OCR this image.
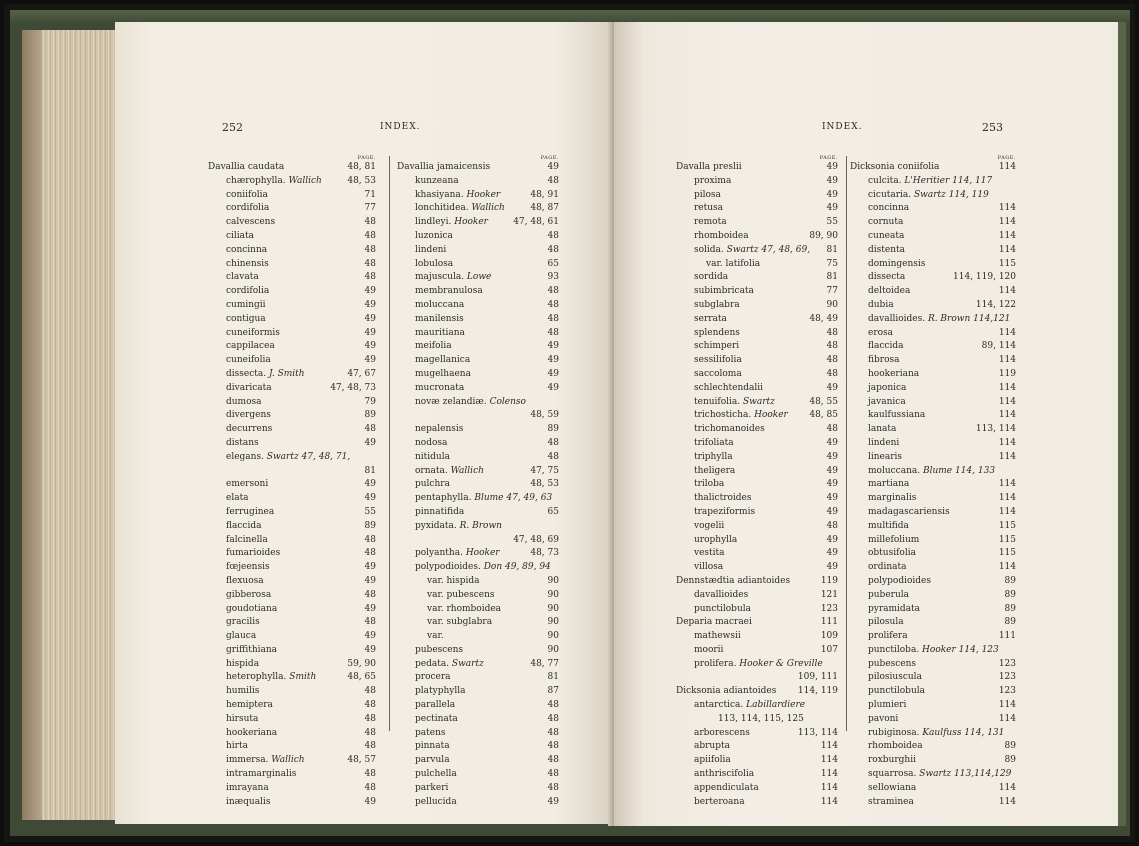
252	INDEX.
PAGE.
Davallia caudata	48, 81
chærophylla. Wallich	48, 53
coniifolia	71
cordifolia	77
calvescens	48
ciliata	48
concinna	48
chinensis	48
clavata	48
cordifolia	49
cumingii	49
contigua	49
cuneiformis	49
cappilacea	49
cuneifolia	49
dissecta. J. Smith	47, 67
divaricata	47, 48, 73
dumosa	79
divergens	89
decurrens	48
distans	49
elegans. Swartz 47, 48, 71,
81
emersoni	49
elata	49
ferruginea	55
flaccida	89
falcinella	48
fumarioides	48
fœjeensis	49
flexuosa	49
gibberosa	48
goudotiana	49
gracilis	48
glauca	49
griffithiana	49
hispida	59, 90
heterophylla. Smith	48, 65
humilis	48
hemiptera	48
hirsuta	48
hookeriana	48
hirta	48
immersa. Wallich	48, 57
intramarginalis	48
imrayana	48
inæqualis	49
PAGE.
Davallia jamaicensis	49
kunzeana	48
khasiyana. Hooker	48, 91
lonchitidea. Wallich	48, 87
lindleyi. Hooker	47, 48, 61
luzonica	48
lindeni	48
lobulosa	65
majuscula. Lowe	93
membranulosa	48
moluccana	48
manilensis	48
mauritiana	48
meifolia	49
magellanica	49
mugelhaena	49
mucronata	49
novæ zelandiæ. Colenso
48, 59
nepalensis	89
nodosa	48
nitidula	48
ornata. Wallich	47, 75
pulchra	48, 53
pentaphylla. Blume 47, 49, 63
pinnatifida	65
pyxidata. R. Brown
47, 48, 69
polyantha. Hooker	48, 73
polypodioides. Don 49, 89, 94
var. hispida	90
var. pubescens	90
var. rhomboidea	90
var. subglabra	90
var.	90
pubescens	90
pedata. Swartz	48, 77
procera	81
platyphylla	87
parallela	48
pectinata	48
patens	48
pinnata	48
parvula	48
pulchella	48
parkeri	48
pellucida	49
INDEX.	253
PAGE.
Davalla preslii	49
proxima	49
pilosa	49
retusa	49
remota	55
rhomboidea	89, 90
solida. Swartz 47, 48, 69, 81
var. latifolia	75
sordida	81
subimbricata	77
subglabra	90
serrata	48, 49
splendens	48
schimperi	48
sessilifolia	48
saccoloma	48
schlechtendalii	49
tenuifolia. Swartz	48, 55
trichosticha. Hooker 48, 85
trichomanoides	48
trifoliata	49
triphylla	49
theligera	49
triloba	49
thalictroides	49
trapeziformis	49
vogelii	48
urophylla	49
vestita	49
villosa	49
Dennstædtia adiantoides	119
davallioides	121
punctilobula	123
Deparia macraei	111
mathewsii	109
moorii	107
prolifera. Hooker & Greville
109, 111
Dicksonia adiantoides 114, 119
antarctica. Labillardiere
113, 114, 115, 125
arborescens	113, 114
abrupta	114
apiifolia	114
anthriscifolia	114
appendiculata	114
berteroana	114
PAGE.
Dicksonia coniifolia	114
culcita. L'Heritier 114, 117
cicutaria. Swartz 114, 119
concinna	114
cornuta	114
cuneata	114
distenta	114
domingensis	115
dissecta	114, 119, 120
deltoidea	114
dubia	114, 122
davallioides. R. Brown 114,121
erosa	114
flaccida	89, 114
fibrosa	114
hookeriana	119
japonica	114
javanica	114
kaulfussiana	114
lanata	113, 114
lindeni	114
linearis	114
moluccana. Blume 114, 133
martiana	114
marginalis	114
madagascariensis	114
multifida	115
millefolium	115
obtusifolia	115
ordinata	114
polypodioides	89
puberula	89
pyramidata	89
pilosula	89
prolifera	111
punctiloba. Hooker 114, 123
pubescens	123
pilosiuscula	123
punctilobula	123
plumieri	114
pavoni	114
rubiginosa. Kaulfuss 114, 131
rhomboidea	89
roxburghii	89
squarrosa. Swartz 113,114,129
sellowiana	114
straminea	114
